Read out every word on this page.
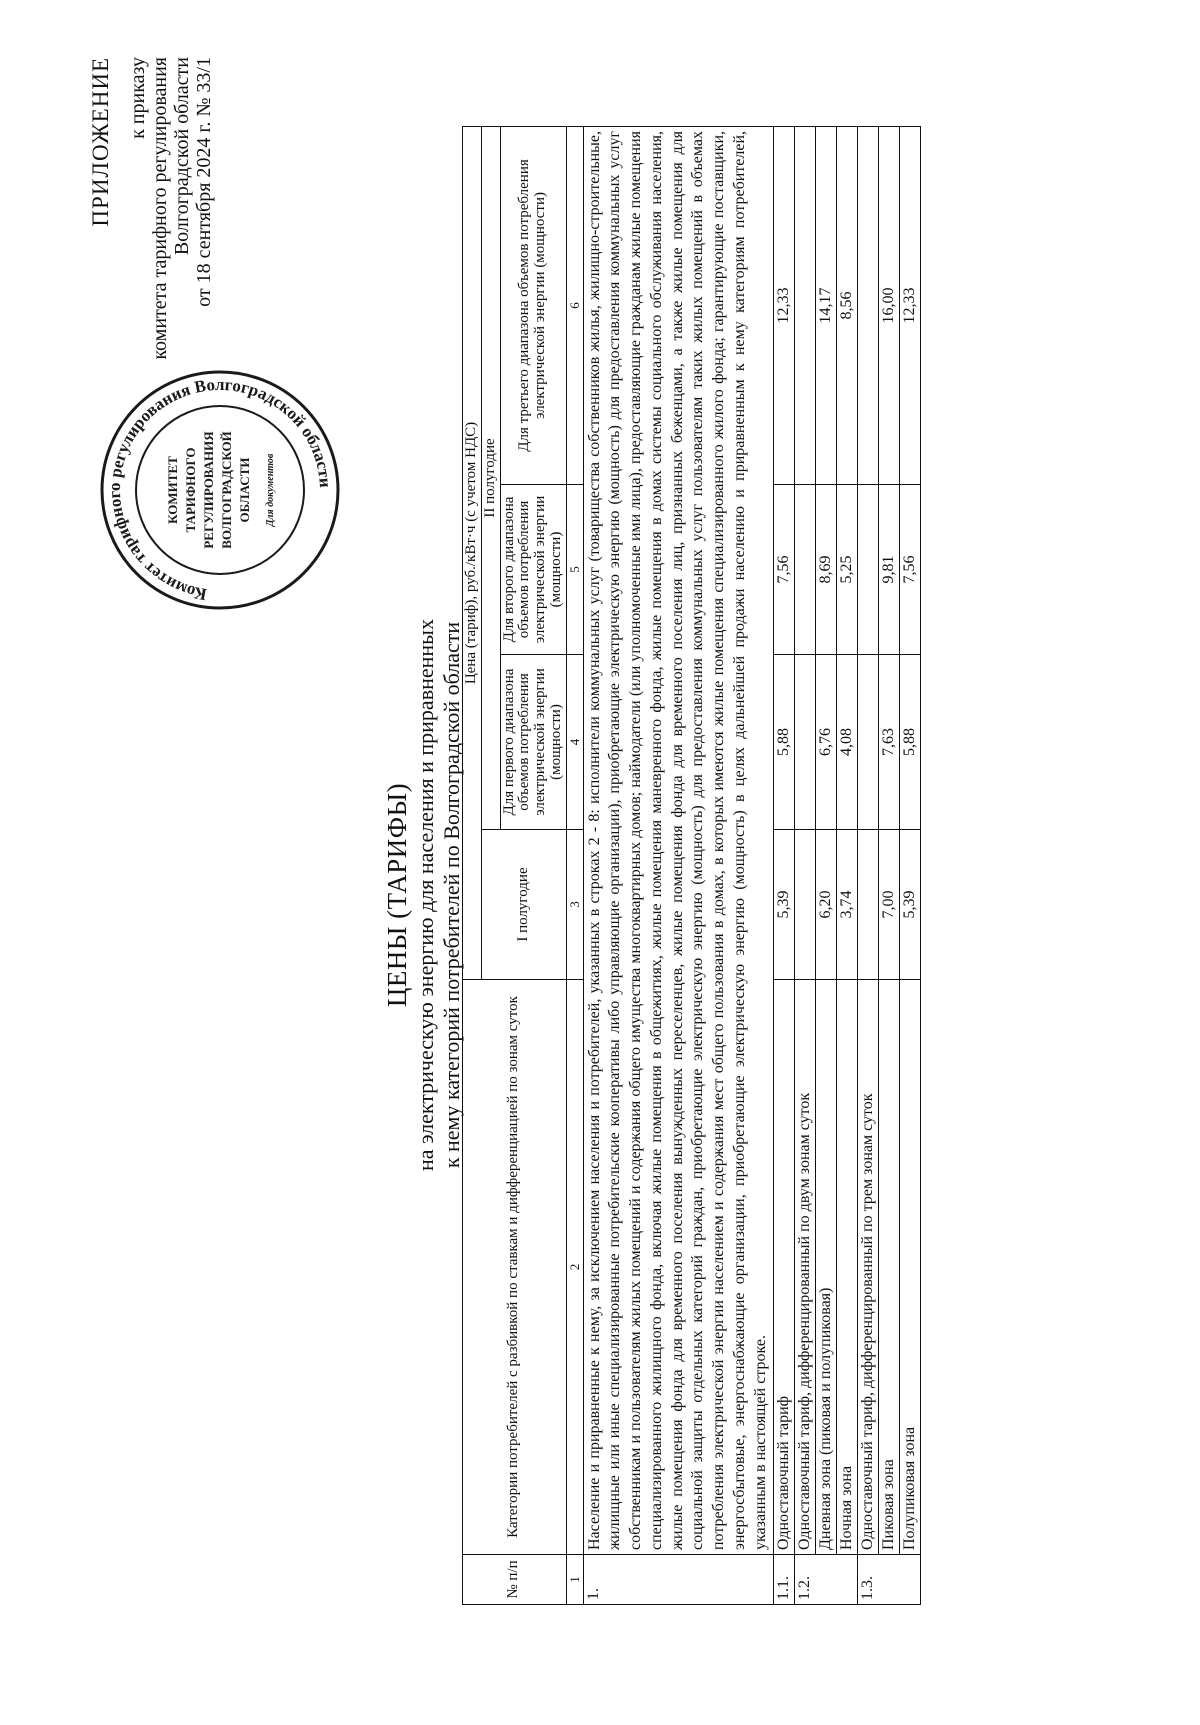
Комитет тарифного регулирования Волгоградской области
КОМИТЕТ ТАРИФНОГО РЕГУЛИРОВАНИЯ ВОЛГОГРАДСКОЙ ОБЛАСТИ Для документов
ПРИЛОЖЕНИЕ к приказу комитета тарифного регулирования Волгоградской области от 18 сентября 2024 г. № 33/1
ЦЕНЫ (ТАРИФЫ) на электрическую энергию для населения и приравненных к нему категорий потребителей по Волгоградской области
№ п/п	Категории потребителей с разбивкой по ставкам и дифференциацией по зонам суток	Цена (тариф), руб./кВт·ч (с учетом НДС)			
		I полугодие	II полугодие		
			Для первого диапазона объемов потребления электрической энергии (мощности)	Для второго диапазона объемов потребления электрической энергии (мощности)	Для третьего диапазона объемов потребления электрической энергии (мощности)
1	2	3	4	5	6
1.	Население и приравненные к нему, за исключением населения и потребителей, указанных в строках 2 - 8: исполнители коммунальных услуг (товарищества собственников жилья, жилищно-строительные, жилищные или иные специализированные потребительские кооперативы либо управляющие организации), приобретающие электрическую энергию (мощность) для предоставления коммунальных услуг собственникам и пользователям жилых помещений и содержания общего имущества многоквартирных домов; наймодатели (или уполномоченные ими лица), предоставляющие гражданам жилые помещения специализированного жилищного фонда, включая жилые помещения в общежитиях, жилые помещения маневренного фонда, жилые помещения в домах системы социального обслуживания населения, жилые помещения фонда для временного поселения вынужденных переселенцев, жилые помещения фонда для временного поселения лиц, признанных беженцами, а также жилые помещения для социальной защиты отдельных категорий граждан, приобретающие электрическую энергию (мощность) для предоставления коммунальных услуг пользователям таких жилых помещений в объемах потребления электрической энергии населением и содержания мест общего пользования в домах, в которых имеются жилые помещения специализированного жилого фонда; гарантирующие поставщики, энергосбытовые, энергоснабжающие организации, приобретающие электрическую энергию (мощность) в целях дальнейшей продажи населению и приравненным к нему категориям потребителей, указанным в настоящей строке.				
1.1.	Одноставочный тариф	5,39	5,88	7,56	12,33
1.2.	Одноставочный тариф, дифференцированный по двум зонам суток				
	Дневная зона (пиковая и полупиковая)	6,20	6,76	8,69	14,17
	Ночная зона	3,74	4,08	5,25	8,56
1.3.	Одноставочный тариф, дифференцированный по трем зонам суток				
	Пиковая зона	7,00	7,63	9,81	16,00
	Полупиковая зона	5,39	5,88	7,56	12,33
